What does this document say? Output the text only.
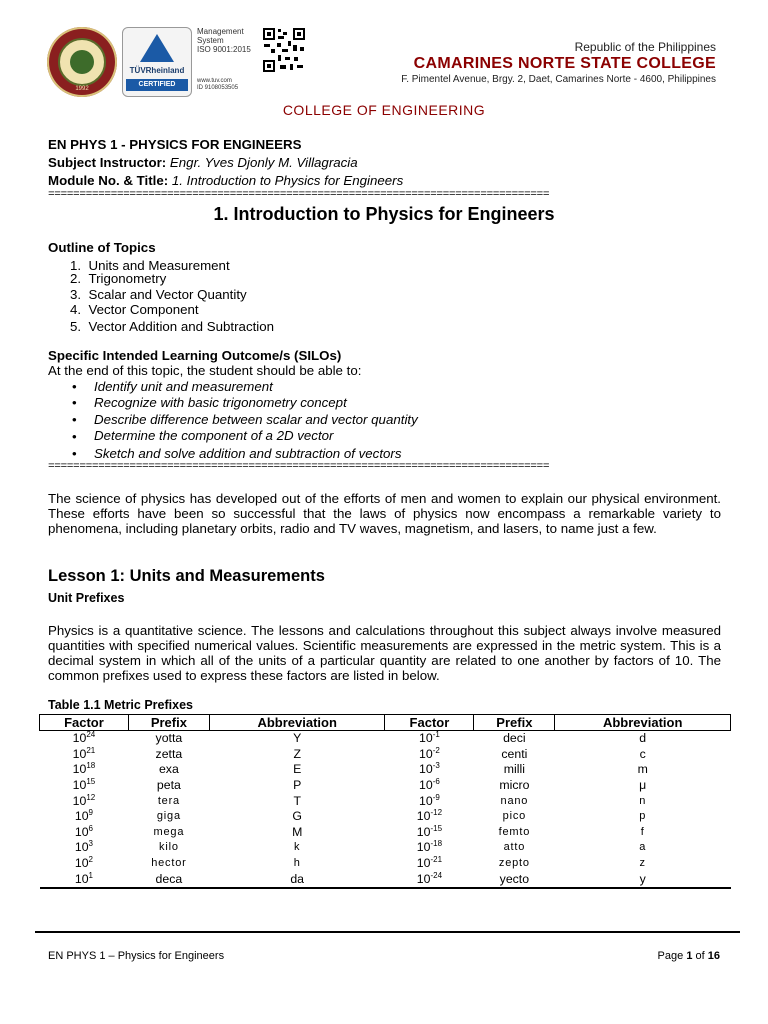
1992
TÜVRheinland
CERTIFIED
Management
System
ISO 9001:2015
www.tuv.com
ID 9108053505
Republic of the Philippines
CAMARINES NORTE STATE COLLEGE
F. Pimentel Avenue, Brgy. 2, Daet, Camarines Norte - 4600, Philippines
COLLEGE OF ENGINEERING
EN PHYS 1 - PHYSICS FOR ENGINEERS
Subject Instructor: Engr. Yves Djonly M. Villagracia
Module No. & Title: 1. Introduction to Physics for Engineers
================================================================================
1. Introduction to Physics for Engineers
Outline of Topics
1. Units and Measurement
2. Trigonometry
3. Scalar and Vector Quantity
4. Vector Component
5. Vector Addition and Subtraction
Specific Intended Learning Outcome/s (SILOs)
At the end of this topic, the student should be able to:
• Identify unit and measurement
• Recognize with basic trigonometry concept
• Describe difference between scalar and vector quantity
• Determine the component of a 2D vector
• Sketch and solve addition and subtraction of vectors
================================================================================
The science of physics has developed out of the efforts of men and women to explain our physical environment. These efforts have been so successful that the laws of physics now encompass a remarkable variety to phenomena, including planetary orbits, radio and TV waves, magnetism, and lasers, to name just a few.
Lesson 1: Units and Measurements
Unit Prefixes
Physics is a quantitative science. The lessons and calculations throughout this subject always involve measured quantities with specified numerical values. Scientific measurements are expressed in the metric system. This is a decimal system in which all of the units of a particular quantity are related to one another by factors of 10. The common prefixes used to express these factors are listed in below.
Table 1.1 Metric Prefixes
Factor	Prefix	Abbreviation	Factor	Prefix	Abbreviation
$10^{24}$	yotta	Y	$10^{-1}$	deci	d
$10^{21}$	zetta	Z	$10^{-2}$	centi	c
$10^{18}$	exa	E	$10^{-3}$	milli	m
$10^{15}$	peta	P	$10^{-6}$	micro	μ
$10^{12}$	tera	T	$10^{-9}$	nano	n
$10^9$	giga	G	$10^{-12}$	pico	p
$10^6$	mega	M	$10^{-15}$	femto	f
$10^3$	kilo	k	$10^{-18}$	atto	a
$10^2$	hector	h	$10^{-21}$	zepto	z
$10^1$	deca	da	$10^{-24}$	yecto	y
EN PHYS 1 – Physics for Engineers	Page 1 of 16
